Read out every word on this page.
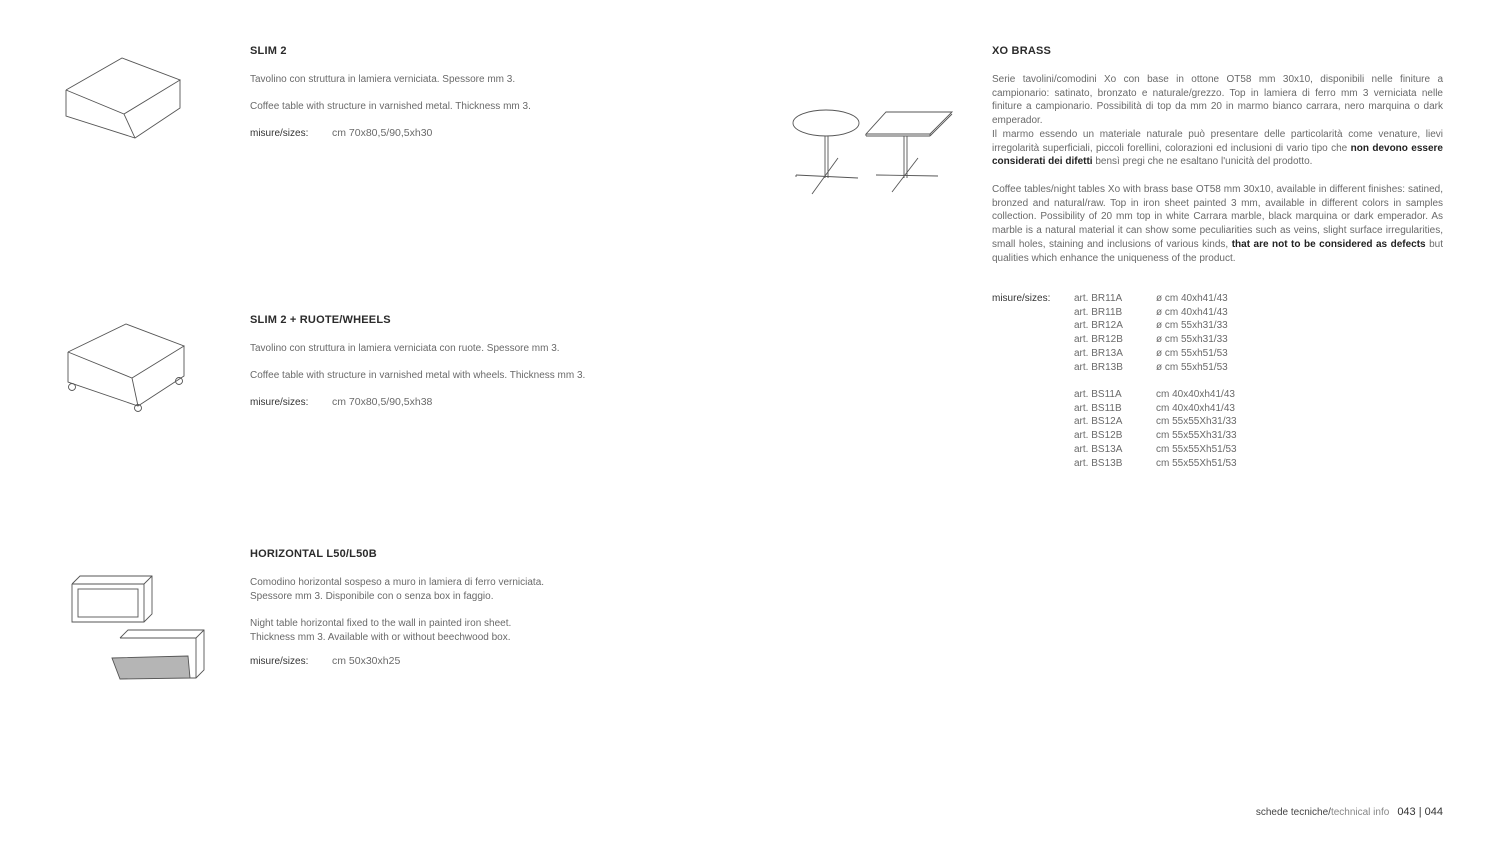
SLIM 2

Tavolino con struttura in lamiera verniciata. Spessore mm 3.

Coffee table with structure in varnished metal. Thickness mm 3.

misure/sizes: cm 70x80,5/90,5xh30
SLIM 2 + RUOTE/WHEELS

Tavolino con struttura in lamiera verniciata con ruote. Spessore mm 3.

Coffee table with structure in varnished metal with wheels. Thickness mm 3.

misure/sizes: cm 70x80,5/90,5xh38
HORIZONTAL L50/L50B

Comodino horizontal sospeso a muro in lamiera di ferro verniciata.

Spessore mm 3. Disponibile con o senza box in faggio.

Night table horizontal fixed to the wall in painted iron sheet.

Thickness mm 3. Available with or without beechwood box.

misure/sizes: cm 50x30xh25
XO BRASS

Serie tavolini/comodini Xo con base in ottone OT58 mm 30x10, disponibili nelle finiture a campionario: satinato, bronzato e naturale/grezzo. Top in lamiera di ferro mm 3 verniciata nelle finiture a campionario. Possibilità di top da mm 20 in marmo bianco carrara, nero marquina o dark emperador.

Il marmo essendo un materiale naturale può presentare delle particolarità come venature, lievi irregolarità superficiali, piccoli forellini, colorazioni ed inclusioni di vario tipo che non devono essere considerati dei difetti bensì pregi che ne esaltano l'unicità del prodotto.

Coffee tables/night tables Xo with brass base OT58 mm 30x10, available in different finishes: satined, bronzed and natural/raw. Top in iron sheet painted 3 mm, available in different colors in samples collection. Possibility of 20 mm top in white Carrara marble, black marquina or dark emperador. As marble is a natural material it can show some peculiarities such as veins, slight surface irregularities, small holes, staining and inclusions of various kinds, that are not to be considered as defects but qualities which enhance the uniqueness of the product.

misure/sizes: art. BR11A	ø cm 40xh41/43
art. BR11B	ø cm 40xh41/43
art. BR12A	ø cm 55xh31/33
art. BR12B	ø cm 55xh31/33
art. BR13A	ø cm 55xh51/53
art. BR13B	ø cm 55xh51/53
art. BS11A	cm 40x40xh41/43
art. BS11B	cm 40x40xh41/43
art. BS12A	cm 55x55Xh31/33
art. BS12B	cm 55x55Xh31/33
art. BS13A	cm 55x55Xh51/53
art. BS13B	cm 55x55Xh51/53
schede tecniche/technical info 043 | 044
